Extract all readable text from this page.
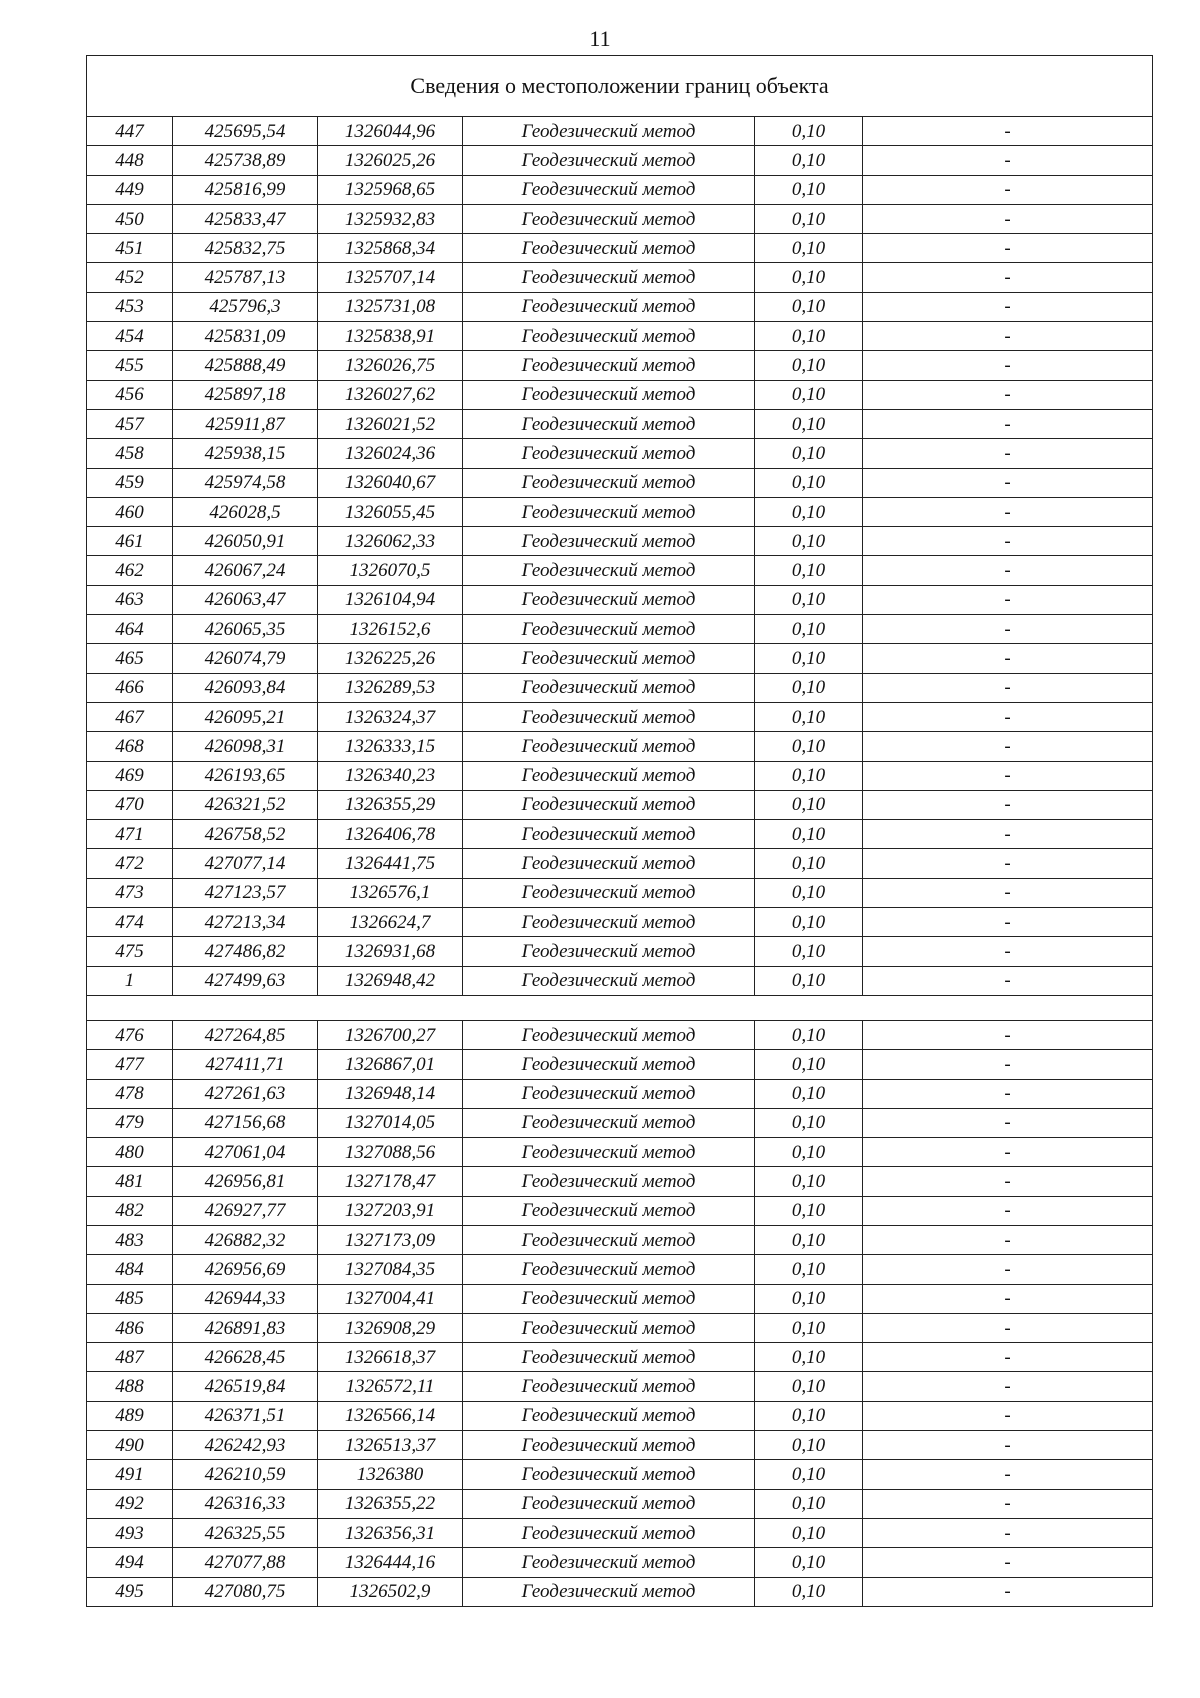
11
Сведения о местоположении границ объекта					
447	425695,54	1326044,96	Геодезический метод	0,10	-
448	425738,89	1326025,26	Геодезический метод	0,10	-
449	425816,99	1325968,65	Геодезический метод	0,10	-
450	425833,47	1325932,83	Геодезический метод	0,10	-
451	425832,75	1325868,34	Геодезический метод	0,10	-
452	425787,13	1325707,14	Геодезический метод	0,10	-
453	425796,3	1325731,08	Геодезический метод	0,10	-
454	425831,09	1325838,91	Геодезический метод	0,10	-
455	425888,49	1326026,75	Геодезический метод	0,10	-
456	425897,18	1326027,62	Геодезический метод	0,10	-
457	425911,87	1326021,52	Геодезический метод	0,10	-
458	425938,15	1326024,36	Геодезический метод	0,10	-
459	425974,58	1326040,67	Геодезический метод	0,10	-
460	426028,5	1326055,45	Геодезический метод	0,10	-
461	426050,91	1326062,33	Геодезический метод	0,10	-
462	426067,24	1326070,5	Геодезический метод	0,10	-
463	426063,47	1326104,94	Геодезический метод	0,10	-
464	426065,35	1326152,6	Геодезический метод	0,10	-
465	426074,79	1326225,26	Геодезический метод	0,10	-
466	426093,84	1326289,53	Геодезический метод	0,10	-
467	426095,21	1326324,37	Геодезический метод	0,10	-
468	426098,31	1326333,15	Геодезический метод	0,10	-
469	426193,65	1326340,23	Геодезический метод	0,10	-
470	426321,52	1326355,29	Геодезический метод	0,10	-
471	426758,52	1326406,78	Геодезический метод	0,10	-
472	427077,14	1326441,75	Геодезический метод	0,10	-
473	427123,57	1326576,1	Геодезический метод	0,10	-
474	427213,34	1326624,7	Геодезический метод	0,10	-
475	427486,82	1326931,68	Геодезический метод	0,10	-
1	427499,63	1326948,42	Геодезический метод	0,10	-

476	427264,85	1326700,27	Геодезический метод	0,10	-
477	427411,71	1326867,01	Геодезический метод	0,10	-
478	427261,63	1326948,14	Геодезический метод	0,10	-
479	427156,68	1327014,05	Геодезический метод	0,10	-
480	427061,04	1327088,56	Геодезический метод	0,10	-
481	426956,81	1327178,47	Геодезический метод	0,10	-
482	426927,77	1327203,91	Геодезический метод	0,10	-
483	426882,32	1327173,09	Геодезический метод	0,10	-
484	426956,69	1327084,35	Геодезический метод	0,10	-
485	426944,33	1327004,41	Геодезический метод	0,10	-
486	426891,83	1326908,29	Геодезический метод	0,10	-
487	426628,45	1326618,37	Геодезический метод	0,10	-
488	426519,84	1326572,11	Геодезический метод	0,10	-
489	426371,51	1326566,14	Геодезический метод	0,10	-
490	426242,93	1326513,37	Геодезический метод	0,10	-
491	426210,59	1326380	Геодезический метод	0,10	-
492	426316,33	1326355,22	Геодезический метод	0,10	-
493	426325,55	1326356,31	Геодезический метод	0,10	-
494	427077,88	1326444,16	Геодезический метод	0,10	-
495	427080,75	1326502,9	Геодезический метод	0,10	-
